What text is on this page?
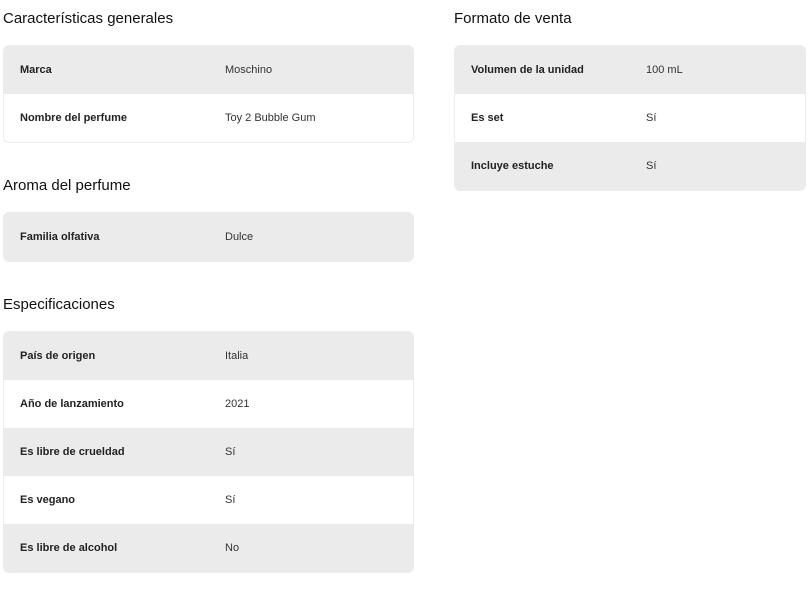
Características generales
Marca	Moschino
Nombre del perfume	Toy 2 Bubble Gum
Aroma del perfume
Familia olfativa	Dulce
Especificaciones
País de origen	Italia
Año de lanzamiento	2021
Es libre de crueldad	Sí
Es vegano	Sí
Es libre de alcohol	No
Formato de venta
Volumen de la unidad	100 mL
Es set	Sí
Incluye estuche	Sí
